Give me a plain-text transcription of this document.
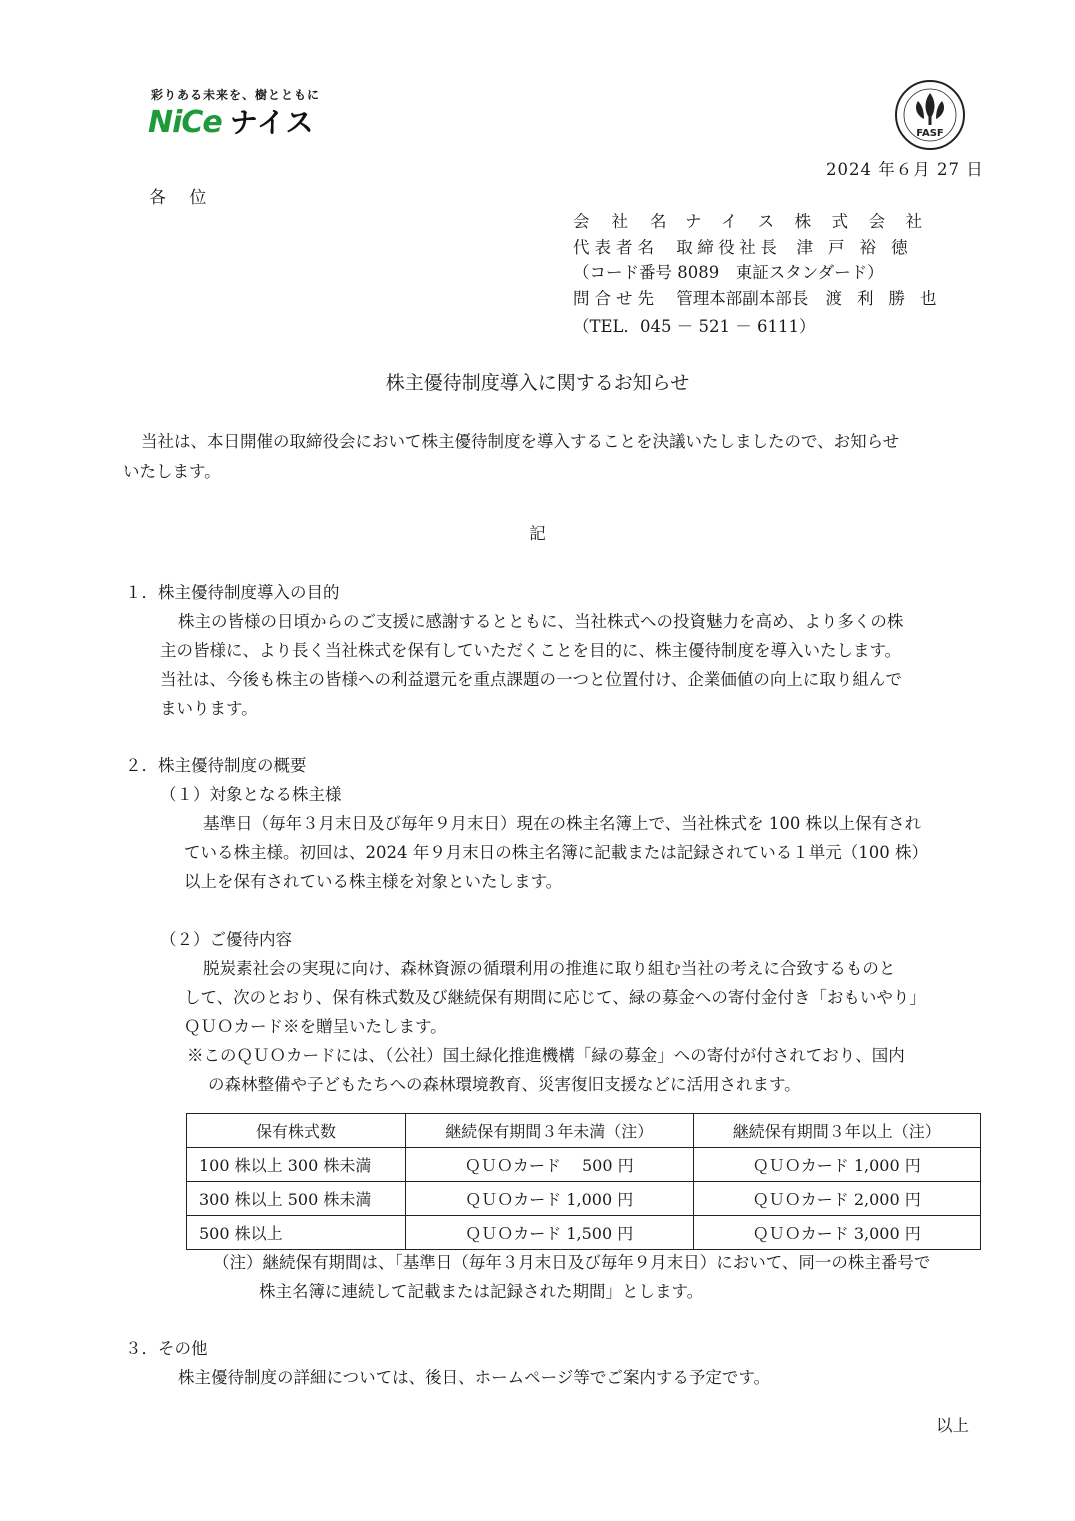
彩りある未来を、樹とともに
NiCe ナイス	FASF
2024 年６月 27 日
各 位
会社名
ナイス株式会社
代表者名 取締役社長 津戸裕徳
（コード番号 8089　東証スタンダード）
問合せ先 管理本部副本部長 渡利勝也
（TEL．045 － 521 － 6111）
株主優待制度導入に関するお知らせ
当社は、本日開催の取締役会において株主優待制度を導入することを決議いたしましたので、お知らせ
いたします。
記
１．株主優待制度導入の目的
株主の皆様の日頃からのご支援に感謝するとともに、当社株式への投資魅力を高め、より多くの株
主の皆様に、より長く当社株式を保有していただくことを目的に、株主優待制度を導入いたします。
当社は、今後も株主の皆様への利益還元を重点課題の一つと位置付け、企業価値の向上に取り組んで
まいります。
２．株主優待制度の概要
（１）対象となる株主様
基準日（毎年３月末日及び毎年９月末日）現在の株主名簿上で、当社株式を 100 株以上保有され
ている株主様。初回は、2024 年９月末日の株主名簿に記載または記録されている１単元（100 株）
以上を保有されている株主様を対象といたします。
（２）ご優待内容
脱炭素社会の実現に向け、森林資源の循環利用の推進に取り組む当社の考えに合致するものと
して、次のとおり、保有株式数及び継続保有期間に応じて、緑の募金への寄付金付き「おもいやり」
ＱＵＯカード※を贈呈いたします。
※このＱＵＯカードには、（公社）国土緑化推進機構「緑の募金」への寄付が付されており、国内
の森林整備や子どもたちへの森林環境教育、災害復旧支援などに活用されます。
保有株式数	継続保有期間３年未満（注）	継続保有期間３年以上（注）
100 株以上 300 株未満	ＱＵＯカード　 500 円	ＱＵＯカード 1,000 円
300 株以上 500 株未満	ＱＵＯカード 1,000 円	ＱＵＯカード 2,000 円
500 株以上	ＱＵＯカード 1,500 円	ＱＵＯカード 3,000 円
（注）継続保有期間は、「基準日（毎年３月末日及び毎年９月末日）において、同一の株主番号で
株主名簿に連続して記載または記録された期間」とします。
３．その他
株主優待制度の詳細については、後日、ホームページ等でご案内する予定です。
以上
